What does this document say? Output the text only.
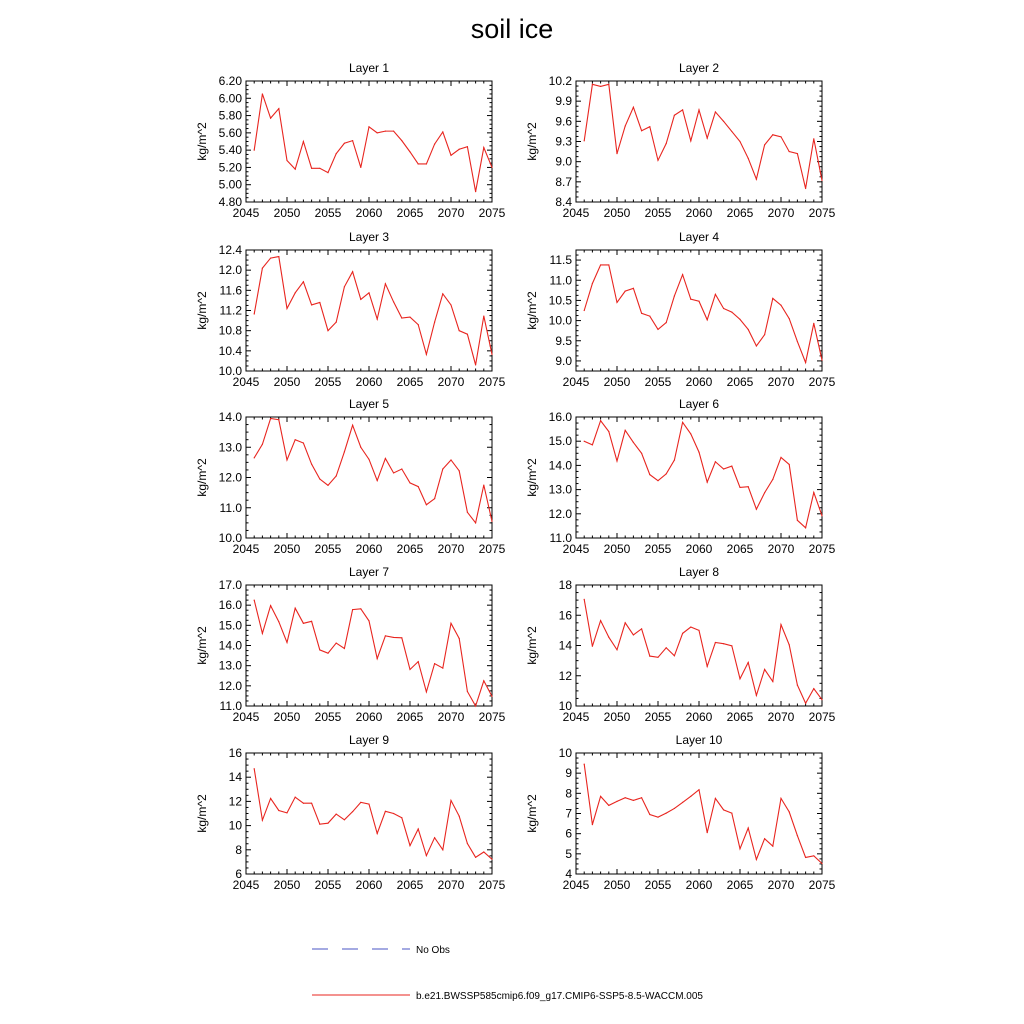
soil ice
No Obs
b.e21.BWSSP585cmip6.f09_g17.CMIP6-SSP5-8.5-WACCM.005
Layer 1
kg/m^2
2045 2050 2055 2060 2065 2070 2075
4.80
5.00
5.20
5.40
5.60
5.80
6.00
6.20
Layer 2
kg/m^2
2045 2050 2055 2060 2065 2070 2075
8.4
8.7
9.0
9.3
9.6
9.9
10.2
Layer 3
kg/m^2
2045 2050 2055 2060 2065 2070 2075
10.0
10.4
10.8
11.2
11.6
12.0
12.4
Layer 4
kg/m^2
2045 2050 2055 2060 2065 2070 2075
9.0
9.5
10.0
10.5
11.0
11.5
Layer 5
kg/m^2
2045 2050 2055 2060 2065 2070 2075
10.0
11.0
12.0
13.0
14.0
Layer 6
kg/m^2
2045 2050 2055 2060 2065 2070 2075
11.0
12.0
13.0
14.0
15.0
16.0
Layer 7
kg/m^2
2045 2050 2055 2060 2065 2070 2075
11.0
12.0
13.0
14.0
15.0
16.0
17.0
Layer 8
kg/m^2
2045 2050 2055 2060 2065 2070 2075
10
12
14
16
18
Layer 9
kg/m^2
2045 2050 2055 2060 2065 2070 2075
6
8
10
12
14
16
Layer 10
kg/m^2
2045 2050 2055 2060 2065 2070 2075
4
5
6
7
8
9
10
